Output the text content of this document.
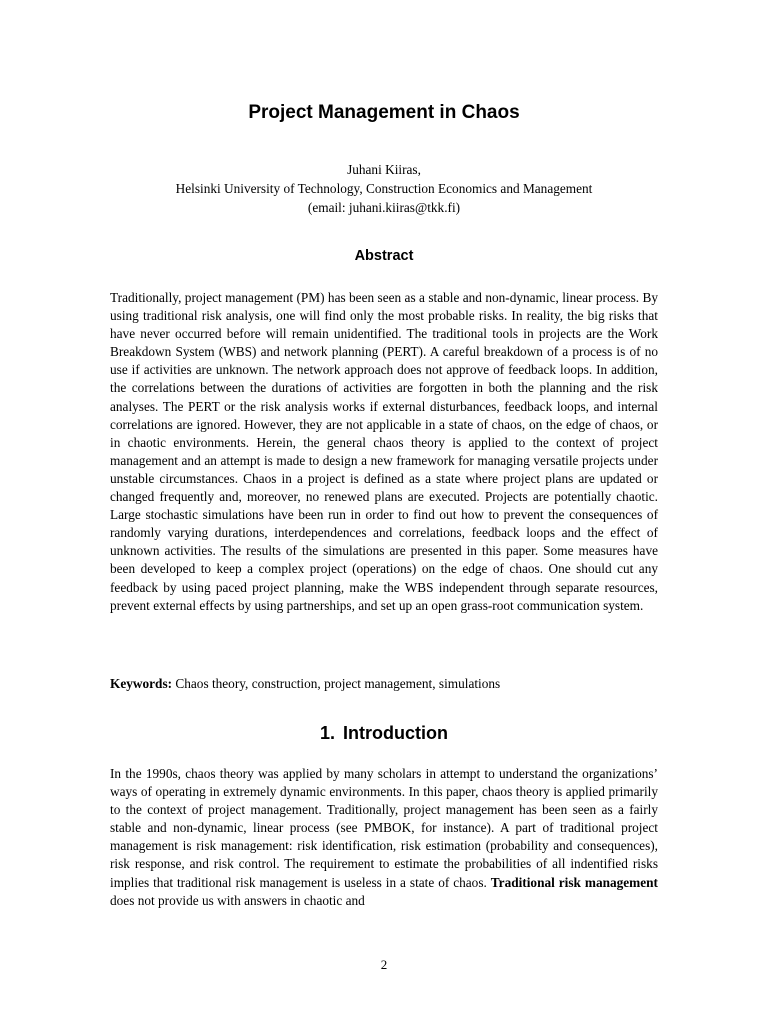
Project Management in Chaos
Juhani Kiiras,
Helsinki University of Technology, Construction Economics and Management
(email: juhani.kiiras@tkk.fi)
Abstract

Traditionally, project management (PM) has been seen as a stable and non-dynamic, linear process. By using traditional risk analysis, one will find only the most probable risks. In reality, the big risks that have never occurred before will remain unidentified. The traditional tools in projects are the Work Breakdown System (WBS) and network planning (PERT). A careful breakdown of a process is of no use if activities are unknown. The network approach does not approve of feedback loops. In addition, the correlations between the durations of activities are forgotten in both the planning and the risk analyses. The PERT or the risk analysis works if external disturbances, feedback loops, and internal correlations are ignored. However, they are not applicable in a state of chaos, on the edge of chaos, or in chaotic environments. Herein, the general chaos theory is applied to the context of project management and an attempt is made to design a new framework for managing versatile projects under unstable circumstances. Chaos in a project is defined as a state where project plans are updated or changed frequently and, moreover, no renewed plans are executed. Projects are potentially chaotic. Large stochastic simulations have been run in order to find out how to prevent the consequences of randomly varying durations, interdependences and correlations, feedback loops and the effect of unknown activities. The results of the simulations are presented in this paper. Some measures have been developed to keep a complex project (operations) on the edge of chaos. One should cut any feedback by using paced project planning, make the WBS independent through separate resources, prevent external effects by using partnerships, and set up an open grass-root communication system.

Keywords: Chaos theory, construction, project management, simulations

1. Introduction

In the 1990s, chaos theory was applied by many scholars in attempt to understand the organizations’ ways of operating in extremely dynamic environments. In this paper, chaos theory is applied primarily to the context of project management. Traditionally, project management has been seen as a fairly stable and non-dynamic, linear process (see PMBOK, for instance). A part of traditional project management is risk management: risk identification, risk estimation (probability and consequences), risk response, and risk control. The requirement to estimate the probabilities of all indentified risks implies that traditional risk management is useless in a state of chaos. Traditional risk management does not provide us with answers in chaotic and

2
